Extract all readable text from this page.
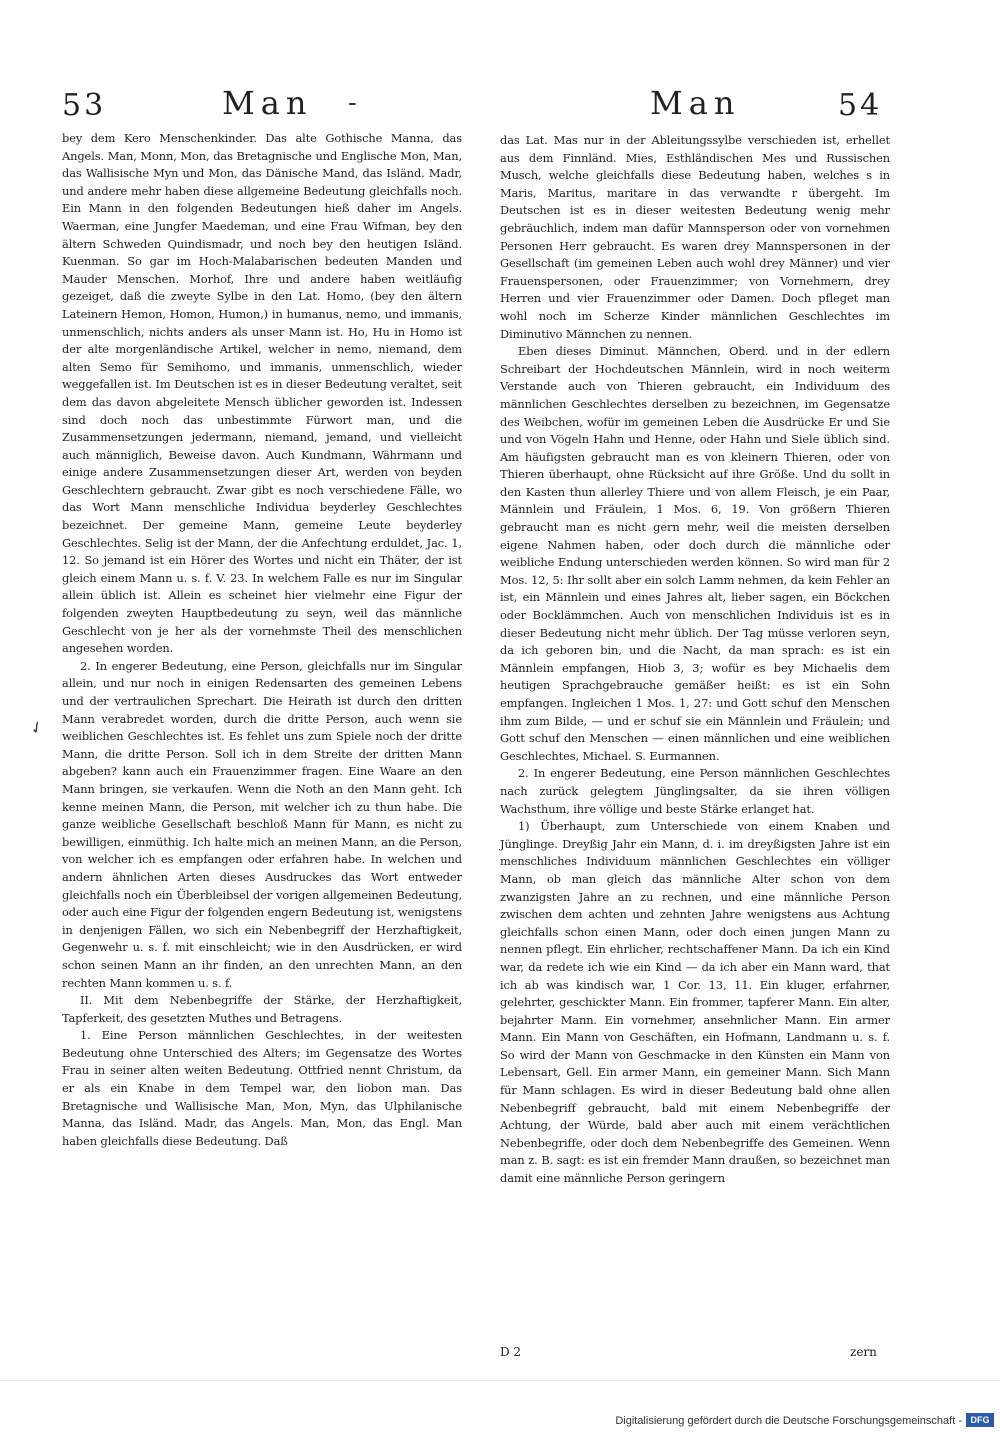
53	Man -	Man	54
✓

bey dem Kero Menschenkinder. Das alte Gothische Manna, das Angels. Man, Monn, Mon, das Bretagnische und Englische Mon, Man, das Wallisische Myn und Mon, das Dänische Mand, das Isländ. Madr, und andere mehr haben diese allgemeine Bedeutung gleichfalls noch. Ein Mann in den folgenden Bedeutungen hieß daher im Angels. Waerman, eine Jungfer Maedeman, und eine Frau Wifman, bey den ältern Schweden Quindismadr, und noch bey den heutigen Isländ. Kuenman. So gar im Hoch-Malabarischen bedeuten Manden und Mauder Menschen. Morhof, Ihre und andere haben weitläufig gezeiget, daß die zweyte Sylbe in den Lat. Homo, (bey den ältern Lateinern Hemon, Homon, Humon,) in humanus, nemo, und immanis, unmenschlich, nichts anders als unser Mann ist. Ho, Hu in Homo ist der alte morgenländische Artikel, welcher in nemo, niemand, dem alten Semo für Semihomo, und immanis, unmenschlich, wieder weggefallen ist. Im Deutschen ist es in dieser Bedeutung veraltet, seit dem das davon abgeleitete Mensch üblicher geworden ist. Indessen sind doch noch das unbestimmte Fürwort man, und die Zusammensetzungen jedermann, niemand, jemand, und vielleicht auch männiglich, Beweise davon. Auch Kundmann, Währmann und einige andere Zusammensetzungen dieser Art, werden von beyden Geschlechtern gebraucht. Zwar gibt es noch verschiedene Fälle, wo das Wort Mann menschliche Individua beyderley Geschlechtes bezeichnet. Der gemeine Mann, gemeine Leute beyderley Geschlechtes. Selig ist der Mann, der die Anfechtung erduldet, Jac. 1, 12. So jemand ist ein Hörer des Wortes und nicht ein Thäter, der ist gleich einem Mann u. s. f. V. 23. In welchem Falle es nur im Singular allein üblich ist. Allein es scheinet hier vielmehr eine Figur der folgenden zweyten Hauptbedeutung zu seyn, weil das männliche Geschlecht von je her als der vornehmste Theil des menschlichen angesehen worden.

2. In engerer Bedeutung, eine Person, gleichfalls nur im Singular allein, und nur noch in einigen Redensarten des gemeinen Lebens und der vertraulichen Sprechart. Die Heirath ist durch den dritten Mann verabredet worden, durch die dritte Person, auch wenn sie weiblichen Geschlechtes ist. Es fehlet uns zum Spiele noch der dritte Mann, die dritte Person. Soll ich in dem Streite der dritten Mann abgeben? kann auch ein Frauenzimmer fragen. Eine Waare an den Mann bringen, sie verkaufen. Wenn die Noth an den Mann geht. Ich kenne meinen Mann, die Person, mit welcher ich zu thun habe. Die ganze weibliche Gesellschaft beschloß Mann für Mann, es nicht zu bewilligen, einmüthig. Ich halte mich an meinen Mann, an die Person, von welcher ich es empfangen oder erfahren habe. In welchen und andern ähnlichen Arten dieses Ausdruckes das Wort entweder gleichfalls noch ein Überbleibsel der vorigen allgemeinen Bedeutung, oder auch eine Figur der folgenden engern Bedeutung ist, wenigstens in denjenigen Fällen, wo sich ein Nebenbegriff der Herzhaftigkeit, Gegenwehr u. s. f. mit einschleicht; wie in den Ausdrücken, er wird schon seinen Mann an ihr finden, an den unrechten Mann, an den rechten Mann kommen u. s. f.

II. Mit dem Nebenbegriffe der Stärke, der Herzhaftigkeit, Tapferkeit, des gesetzten Muthes und Betragens.

1. Eine Person männlichen Geschlechtes, in der weitesten Bedeutung ohne Unterschied des Alters; im Gegensatze des Wortes Frau in seiner alten weiten Bedeutung. Ottfried nennt Christum, da er als ein Knabe in dem Tempel war, den liobon man. Das Bretagnische und Wallisische Man, Mon, Myn, das Ulphilanische Manna, das Isländ. Madr, das Angels. Man, Mon, das Engl. Man haben gleichfalls diese Bedeutung. Daß

das Lat. Mas nur in der Ableitungssylbe verschieden ist, erhellet aus dem Finnländ. Mies, Esthländischen Mes und Russischen Musch, welche gleichfalls diese Bedeutung haben, welches s in Maris, Maritus, maritare in das verwandte r übergeht. Im Deutschen ist es in dieser weitesten Bedeutung wenig mehr gebräuchlich, indem man dafür Mannsperson oder von vornehmen Personen Herr gebraucht. Es waren drey Mannspersonen in der Gesellschaft (im gemeinen Leben auch wohl drey Männer) und vier Frauenspersonen, oder Frauenzimmer; von Vornehmern, drey Herren und vier Frauenzimmer oder Damen. Doch pfleget man wohl noch im Scherze Kinder männlichen Geschlechtes im Diminutivo Männchen zu nennen.

Eben dieses Diminut. Männchen, Oberd. und in der edlern Schreibart der Hochdeutschen Männlein, wird in noch weiterm Verstande auch von Thieren gebraucht, ein Individuum des männlichen Geschlechtes derselben zu bezeichnen, im Gegensatze des Weibchen, wofür im gemeinen Leben die Ausdrücke Er und Sie und von Vögeln Hahn und Henne, oder Hahn und Siele üblich sind. Am häufigsten gebraucht man es von kleinern Thieren, oder von Thieren überhaupt, ohne Rücksicht auf ihre Größe. Und du sollt in den Kasten thun allerley Thiere und von allem Fleisch, je ein Paar, Männlein und Fräulein, 1 Mos. 6, 19. Von größern Thieren gebraucht man es nicht gern mehr, weil die meisten derselben eigene Nahmen haben, oder doch durch die männliche oder weibliche Endung unterschieden werden können. So wird man für 2 Mos. 12, 5: Ihr sollt aber ein solch Lamm nehmen, da kein Fehler an ist, ein Männlein und eines Jahres alt, lieber sagen, ein Böckchen oder Bocklämmchen. Auch von menschlichen Individuis ist es in dieser Bedeutung nicht mehr üblich. Der Tag müsse verloren seyn, da ich geboren bin, und die Nacht, da man sprach: es ist ein Männlein empfangen, Hiob 3, 3; wofür es bey Michaelis dem heutigen Sprachgebrauche gemäßer heißt: es ist ein Sohn empfangen. Ingleichen 1 Mos. 1, 27: und Gott schuf den Menschen ihm zum Bilde, — und er schuf sie ein Männlein und Fräulein; und Gott schuf den Menschen — einen männlichen und eine weiblichen Geschlechtes, Michael. S. Eurmannen.

2. In engerer Bedeutung, eine Person männlichen Geschlechtes nach zurück gelegtem Jünglingsalter, da sie ihren völligen Wachsthum, ihre völlige und beste Stärke erlanget hat.

1) Überhaupt, zum Unterschiede von einem Knaben und Jünglinge. Dreyßig Jahr ein Mann, d. i. im dreyßigsten Jahre ist ein menschliches Individuum männlichen Geschlechtes ein völliger Mann, ob man gleich das männliche Alter schon von dem zwanzigsten Jahre an zu rechnen, und eine männliche Person zwischen dem achten und zehnten Jahre wenigstens aus Achtung gleichfalls schon einen Mann, oder doch einen jungen Mann zu nennen pflegt. Ein ehrlicher, rechtschaffener Mann. Da ich ein Kind war, da redete ich wie ein Kind — da ich aber ein Mann ward, that ich ab was kindisch war, 1 Cor. 13, 11. Ein kluger, erfahrner, gelehrter, geschickter Mann. Ein frommer, tapferer Mann. Ein alter, bejahrter Mann. Ein vornehmer, ansehnlicher Mann. Ein armer Mann. Ein Mann von Geschäften, ein Hofmann, Landmann u. s. f. So wird der Mann von Geschmacke in den Künsten ein Mann von Lebensart, Gell. Ein armer Mann, ein gemeiner Mann. Sich Mann für Mann schlagen. Es wird in dieser Bedeutung bald ohne allen Nebenbegriff gebraucht, bald mit einem Nebenbegriffe der Achtung, der Würde, bald aber auch mit einem verächtlichen Nebenbegriffe, oder doch dem Nebenbegriffe des Gemeinen. Wenn man z. B. sagt: es ist ein fremder Mann draußen, so bezeichnet man damit eine männliche Person geringern

D 2	zern
Digitalisierung gefördert durch die Deutsche Forschungsgemeinschaft - DFG
